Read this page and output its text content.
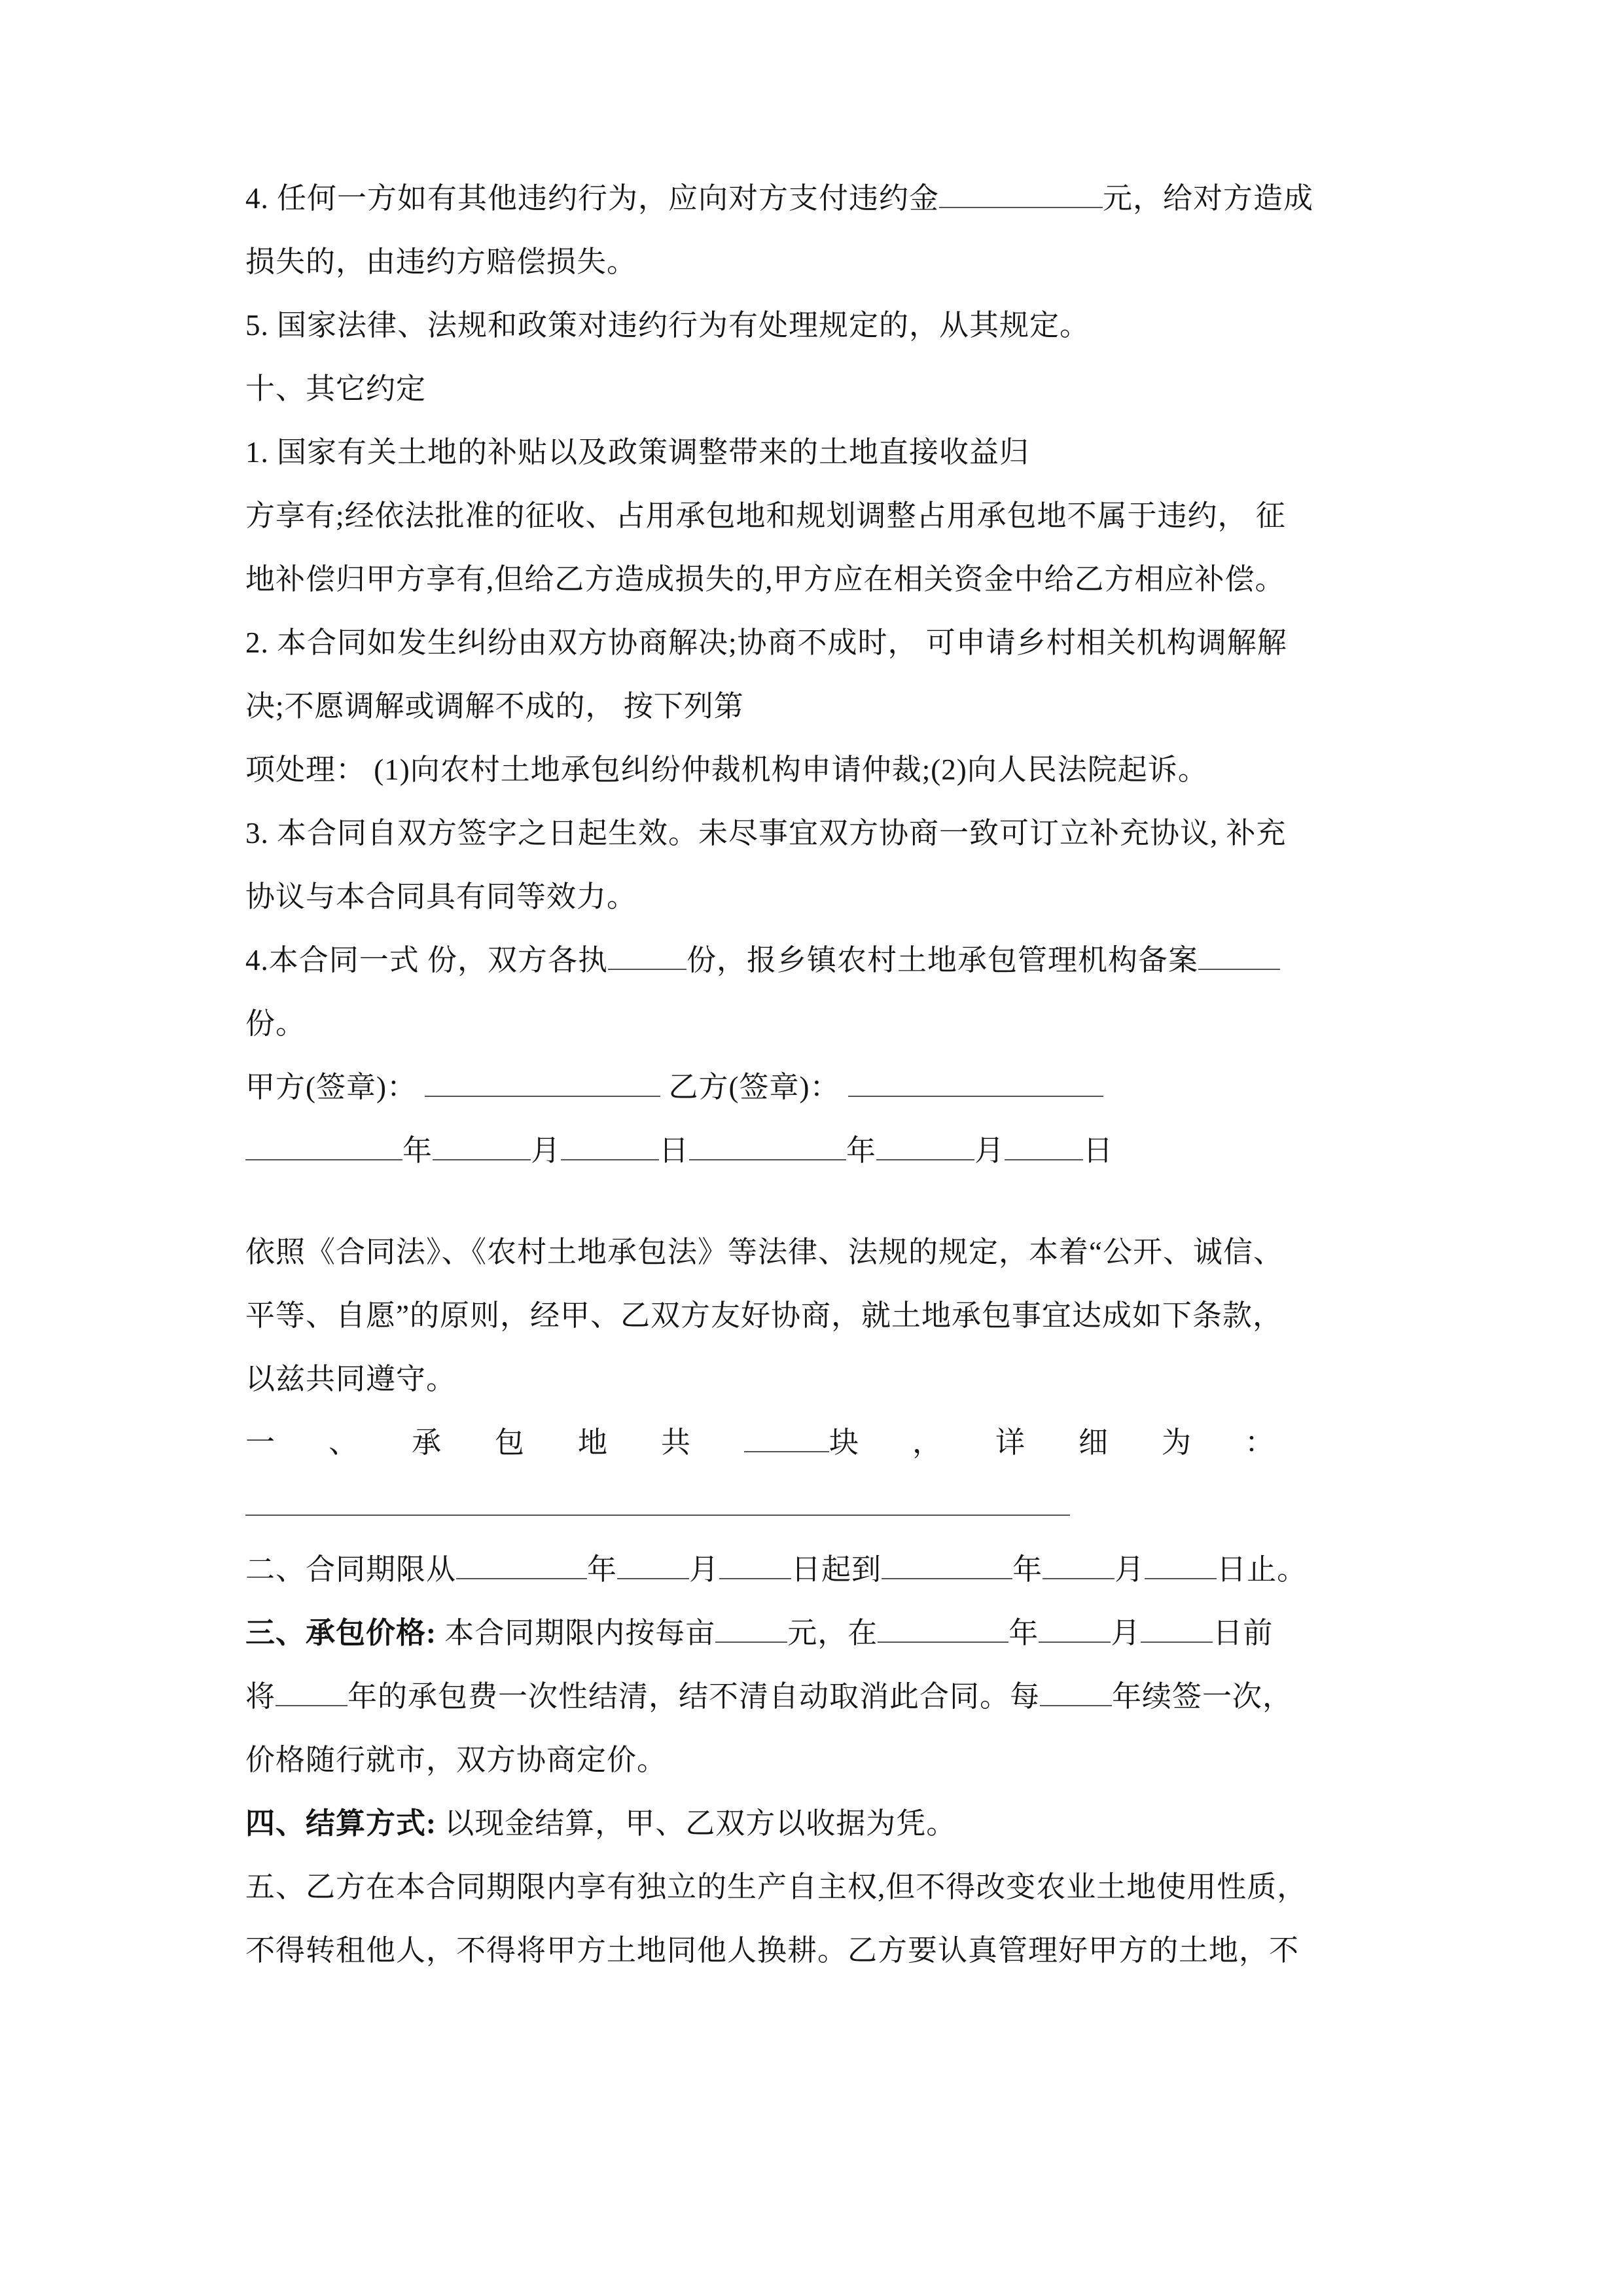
4. 任何一方如有其他违约行为，应向对方支付违约金	元，给对方造成
损失的，由违约方赔偿损失。
5. 国家法律、法规和政策对违约行为有处理规定的，从其规定。
十、其它约定
1. 国家有关土地的补贴以及政策调整带来的土地直接收益归
方享有;经依法批准的征收、占用承包地和规划调整占用承包地不属于违约， 征
地补偿归甲方享有,但给乙方造成损失的,甲方应在相关资金中给乙方相应补偿。
2. 本合同如发生纠纷由双方协商解决;协商不成时， 可申请乡村相关机构调解解
决;不愿调解或调解不成的， 按下列第
项处理： (1)向农村土地承包纠纷仲裁机构申请仲裁;(2)向人民法院起诉。
3. 本合同自双方签字之日起生效。未尽事宜双方协商一致可订立补充协议, 补充
协议与本合同具有同等效力。
4.本合同一式 份，双方各执	份，报乡镇农村土地承包管理机构备案
份。
甲方(签章)：	乙方(签章)：
年	月	日	年	月	日
依照《合同法》、《农村土地承包法》等法律、法规的规定，本着“公开、诚信、
平等、自愿”的原则，经甲、乙双方友好协商，就土地承包事宜达成如下条款，
以兹共同遵守。
一、承包地共	块，详细为：
二、合同期限从	年 月 日起到	年 月 日止。
三、承包价格: 本合同期限内按每亩 元，在	年 月 日前
将 年的承包费一次性结清，结不清自动取消此合同。每 年续签一次，
价格随行就市，双方协商定价。
四、结算方式: 以现金结算，甲、乙双方以收据为凭。
五、乙方在本合同期限内享有独立的生产自主权,但不得改变农业土地使用性质，
不得转租他人，不得将甲方土地同他人换耕。乙方要认真管理好甲方的土地，不
